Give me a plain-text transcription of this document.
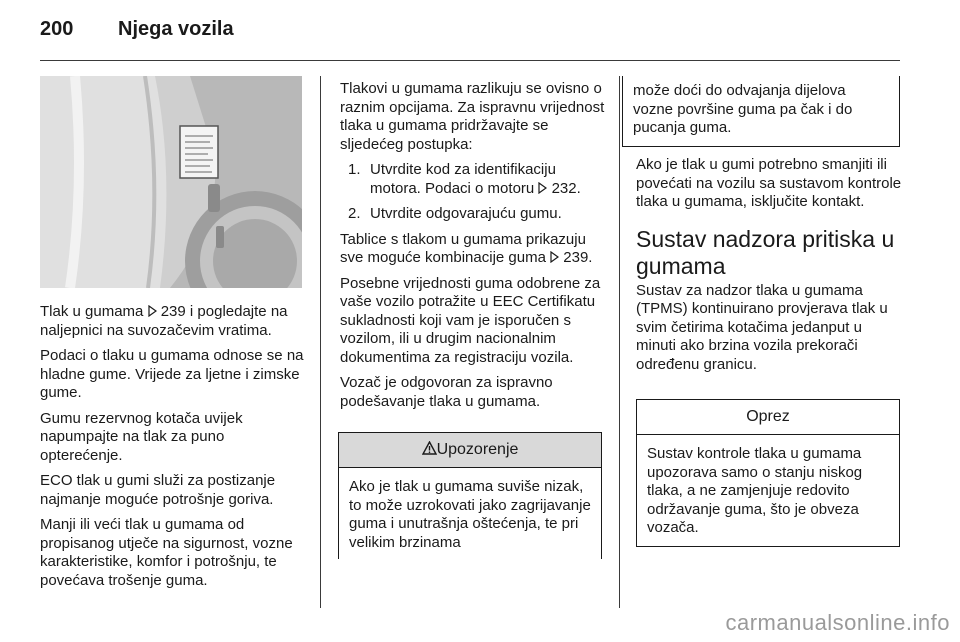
200 Njega vozila

Tlak u gumama  239 i pogledajte na naljepnici na suvozačevim vratima.

Podaci o tlaku u gumama odnose se na hladne gume. Vrijede za ljetne i zimske gume.

Gumu rezervnog kotača uvijek napumpajte na tlak za puno opterećenje.

ECO tlak u gumi služi za postizanje najmanje moguće potrošnje goriva.

Manji ili veći tlak u gumama od propisanog utječe na sigurnost, vozne karakteristike, komfor i potrošnju, te povećava trošenje guma.

Tlakovi u gumama razlikuju se ovisno o raznim opcijama. Za ispravnu vrijednost tlaka u gumama pridržavajte se sljedećeg postupka:

1. Utvrdite kod za identifikaciju motora. Podaci o motoru  232.
2. Utvrdite odgovarajuću gumu.

Tablice s tlakom u gumama prikazuju sve moguće kombinacije guma  239.

Posebne vrijednosti guma odobrene za vaše vozilo potražite u EEC Certifikatu sukladnosti koji vam je isporučen s vozilom, ili u drugim nacionalnim dokumentima za registraciju vozila.

Vozač je odgovoran za ispravno podešavanje tlaka u gumama.

Upozorenje
Ako je tlak u gumama suviše nizak, to može uzrokovati jako zagrijavanje guma i unutrašnja oštećenja, te pri velikim brzinama
može doći do odvajanja dijelova vozne površine guma pa čak i do pucanja guma.

Ako je tlak u gumi potrebno smanjiti ili povećati na vozilu sa sustavom kontrole tlaka u gumama, isključite kontakt.

Sustav nadzora pritiska u gumama

Sustav za nadzor tlaka u gumama (TPMS) kontinuirano provjerava tlak u svim četirima kotačima jedanput u minuti ako brzina vozila prekorači određenu granicu.

Oprez
Sustav kontrole tlaka u gumama upozorava samo o stanju niskog tlaka, a ne zamjenjuje redovito održavanje guma, što je obveza vozača.
carmanualsonline.info
